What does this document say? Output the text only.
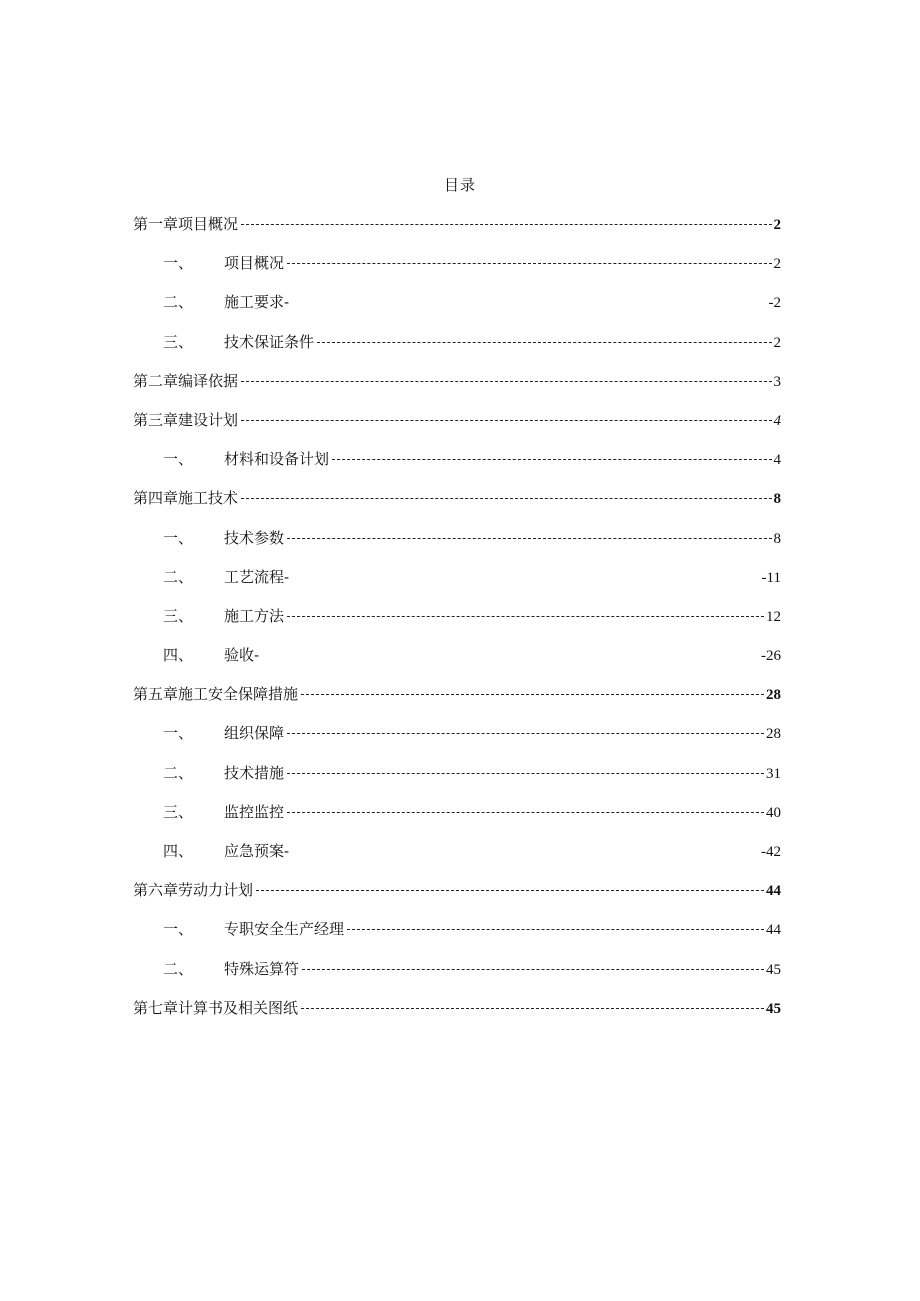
目录
第一章项目概况	2
一、	项目概况	2
二、	施工要求-	-2
三、	技术保证条件	2
第二章编译依据	3
第三章建设计划	4
一、	材料和设备计划	4
第四章施工技术	8
一、	技术参数	8
二、	工艺流程-	-11
三、	施工方法	12
四、	验收-	-26
第五章施工安全保障措施	28
一、	组织保障	28
二、	技术措施	31
三、	监控监控	40
四、	应急预案-	-42
第六章劳动力计划	44
一、	专职安全生产经理	44
二、	特殊运算符	45
第七章计算书及相关图纸	45
